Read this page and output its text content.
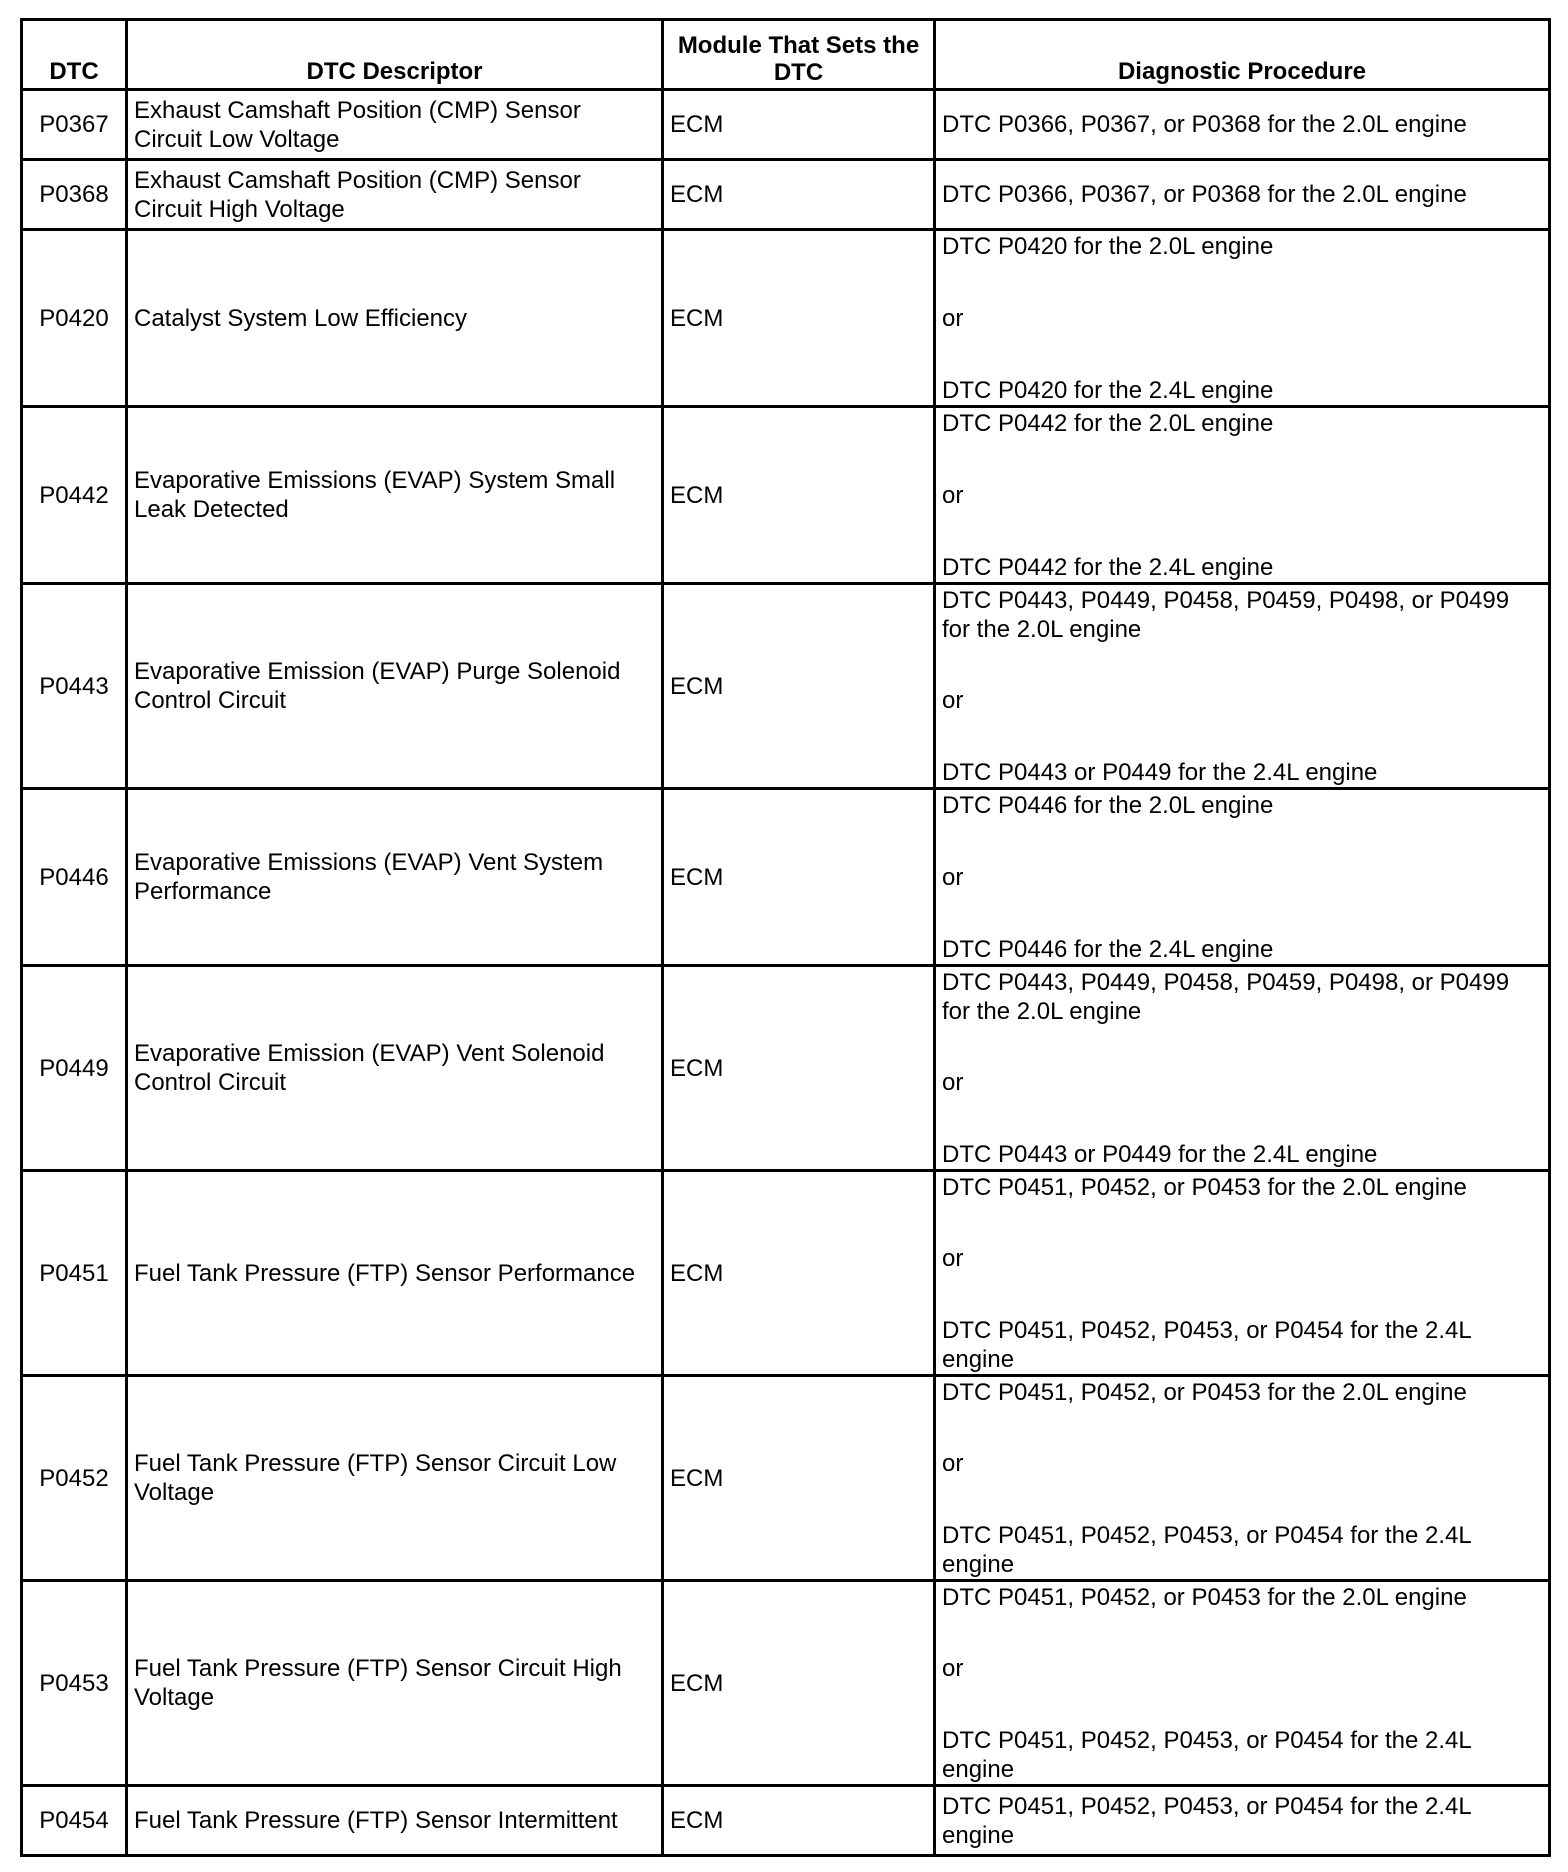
DTC	DTC Descriptor	Module That Sets the DTC	Diagnostic Procedure
P0367	Exhaust Camshaft Position (CMP) Sensor Circuit Low Voltage	ECM	DTC P0366, P0367, or P0368 for the 2.0L engine

P0368	Exhaust Camshaft Position (CMP) Sensor Circuit High Voltage	ECM	DTC P0366, P0367, or P0368 for the 2.0L engine

P0420	Catalyst System Low Efficiency	ECM	DTC P0420 for the 2.0L engine
or
DTC P0420 for the 2.4L engine

P0442	Evaporative Emissions (EVAP) System Small Leak Detected	ECM	DTC P0442 for the 2.0L engine
or
DTC P0442 for the 2.4L engine

P0443	Evaporative Emission (EVAP) Purge Solenoid Control Circuit	ECM	DTC P0443, P0449, P0458, P0459, P0498, or P0499 for the 2.0L engine
or
DTC P0443 or P0449 for the 2.4L engine

P0446	Evaporative Emissions (EVAP) Vent System Performance	ECM	DTC P0446 for the 2.0L engine
or
DTC P0446 for the 2.4L engine

P0449	Evaporative Emission (EVAP) Vent Solenoid Control Circuit	ECM	DTC P0443, P0449, P0458, P0459, P0498, or P0499 for the 2.0L engine
or
DTC P0443 or P0449 for the 2.4L engine

P0451	Fuel Tank Pressure (FTP) Sensor Performance	ECM	DTC P0451, P0452, or P0453 for the 2.0L engine
or
DTC P0451, P0452, P0453, or P0454 for the 2.4L engine

P0452	Fuel Tank Pressure (FTP) Sensor Circuit Low Voltage	ECM	DTC P0451, P0452, or P0453 for the 2.0L engine
or
DTC P0451, P0452, P0453, or P0454 for the 2.4L engine

P0453	Fuel Tank Pressure (FTP) Sensor Circuit High Voltage	ECM	DTC P0451, P0452, or P0453 for the 2.0L engine
or
DTC P0451, P0452, P0453, or P0454 for the 2.4L engine

P0454	Fuel Tank Pressure (FTP) Sensor Intermittent	ECM	DTC P0451, P0452, P0453, or P0454 for the 2.4L engine
